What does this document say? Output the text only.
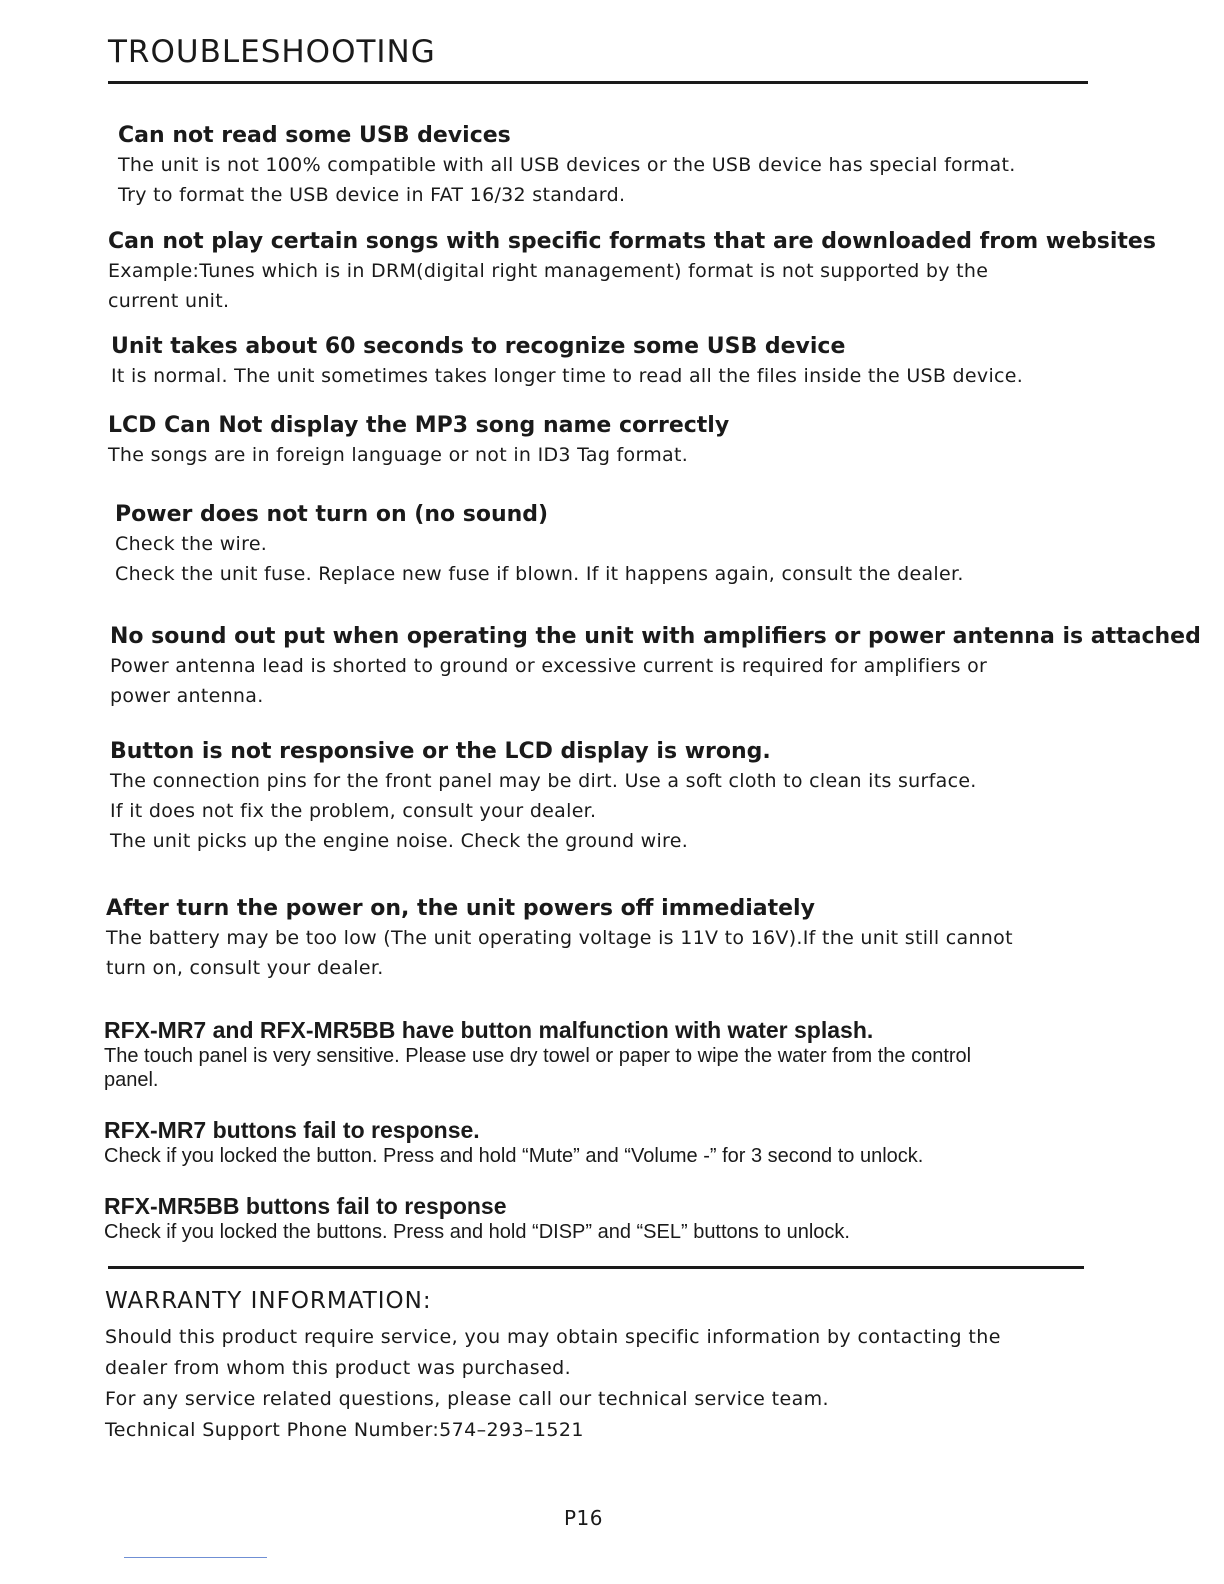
TROUBLESHOOTING
Can not read some USB devices
The unit is not 100% compatible with all USB devices or the USB device has special format.
Try to format the USB device in FAT 16/32 standard.
Can not play certain songs with specific formats that are downloaded from websites
Example:Tunes which is in DRM(digital right management) format is not supported by the
current unit.
Unit takes about 60 seconds to recognize some USB device
It is normal. The unit sometimes takes longer time to read all the files inside the USB device.
LCD Can Not display the MP3 song name correctly
The songs are in foreign language or not in ID3 Tag format.
Power does not turn on (no sound)
Check the wire.
Check the unit fuse. Replace new fuse if blown. If it happens again, consult the dealer.
No sound out put when operating the unit with amplifiers or power antenna is attached
Power antenna lead is shorted to ground or excessive current is required for amplifiers or
power antenna.
Button is not responsive or the LCD display is wrong.
The connection pins for the front panel may be dirt. Use a soft cloth to clean its surface.
If it does not fix the problem, consult your dealer.
The unit picks up the engine noise. Check the ground wire.
After turn the power on, the unit powers off immediately
The battery may be too low (The unit operating voltage is 11V to 16V).If the unit still cannot
turn on, consult your dealer.
RFX-MR7 and RFX-MR5BB have button malfunction with water splash.
The touch panel is very sensitive. Please use dry towel or paper to wipe the water from the control
panel.
RFX-MR7 buttons fail to response.
Check if you locked the button. Press and hold “Mute” and “Volume -” for 3 second to unlock.
RFX-MR5BB buttons fail to response
Check if you locked the buttons. Press and hold “DISP” and “SEL” buttons to unlock.
WARRANTY INFORMATION:
Should this product require service, you may obtain specific information by contacting the
dealer from whom this product was purchased.
For any service related questions, please call our technical service team.
Technical Support Phone Number:574–293–1521
P16
